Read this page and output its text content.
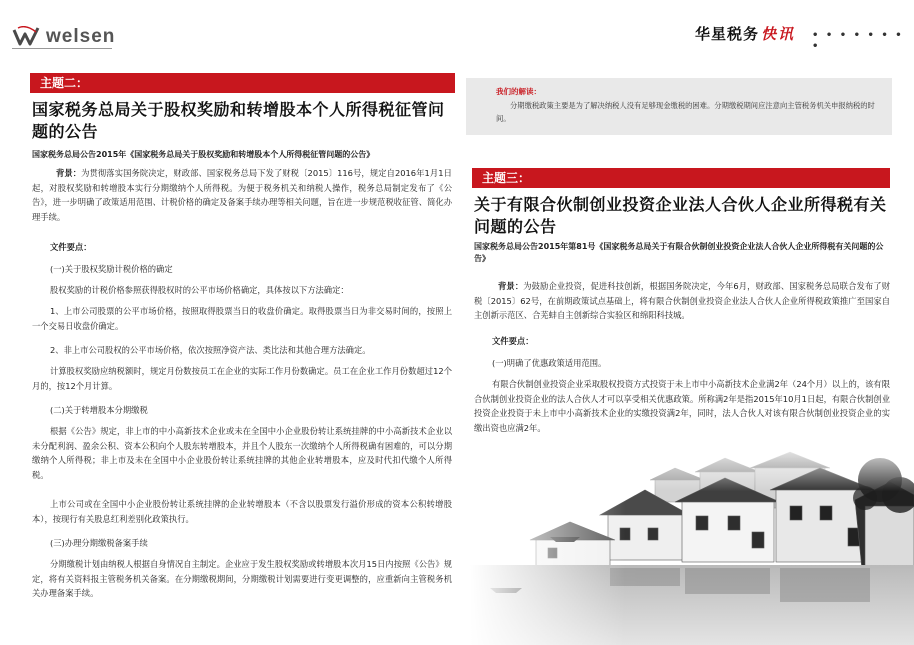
welsen	华星税务 快讯 • • • • • • • •
主题二：
国家税务总局关于股权奖励和转增股本个人所得税征管问题的公告
国家税务总局公告2015年《国家税务总局关于股权奖励和转增股本个人所得税征管问题的公告》
背景：为贯彻落实国务院决定，财政部、国家税务总局下发了财税〔2015〕116号，规定自2016年1月1日起，对股权奖励和转增股本实行分期缴纳个人所得税。为便于税务机关和纳税人操作，税务总局制定发布了《公告》，进一步明确了政策适用范围、计税价格的确定及备案手续办理等相关问题，旨在进一步规范税收征管、简化办理手续。
文件要点：
(一)关于股权奖励计税价格的确定
股权奖励的计税价格参照获得股权时的公平市场价格确定，具体按以下方法确定：
1、上市公司股票的公平市场价格，按照取得股票当日的收盘价确定。取得股票当日为非交易时间的，按照上一个交易日收盘价确定。
2、非上市公司股权的公平市场价格，依次按照净资产法、类比法和其他合理方法确定。
计算股权奖励应纳税额时，规定月份数按员工在企业的实际工作月份数确定。员工在企业工作月份数超过12个月的，按12个月计算。
(二)关于转增股本分期缴税
根据《公告》规定，非上市的中小高新技术企业或未在全国中小企业股份转让系统挂牌的中小高新技术企业以未分配利润、盈余公积、资本公积向个人股东转增股本，并且个人股东一次缴纳个人所得税确有困难的，可以分期缴纳个人所得税；非上市及未在全国中小企业股份转让系统挂牌的其他企业转增股本，应及时代扣代缴个人所得税。
上市公司或在全国中小企业股份转让系统挂牌的企业转增股本（不含以股票发行溢价形成的资本公积转增股本），按现行有关股息红利差别化政策执行。
(三)办理分期缴税备案手续
分期缴税计划由纳税人根据自身情况自主制定。企业应于发生股权奖励或转增股本次月15日内按照《公告》规定，将有关资料报主管税务机关备案。在分期缴税期间，分期缴税计划需要进行变更调整的，应重新向主管税务机关办理备案手续。
我们的解读：
分期缴税政策主要是为了解决纳税人没有足够现金缴税的困难。分期缴税期间应注意向主管税务机关申报纳税的时间。
主题三：
关于有限合伙制创业投资企业法人合伙人企业所得税有关问题的公告
国家税务总局公告2015年第81号《国家税务总局关于有限合伙制创业投资企业法人合伙人企业所得税有关问题的公告》
背景：为鼓励企业投资，促进科技创新，根据国务院决定，今年6月，财政部、国家税务总局联合发布了财税〔2015〕62号，在前期政策试点基础上，将有限合伙制创业投资企业法人合伙人企业所得税政策推广至国家自主创新示范区、合芜蚌自主创新综合实验区和绵阳科技城。
文件要点：
(一)明确了优惠政策适用范围。
有限合伙制创业投资企业采取股权投资方式投资于未上市中小高新技术企业满2年（24个月）以上的，该有限合伙制创业投资企业的法人合伙人才可以享受相关优惠政策。所称满2年是指2015年10月1日起，有限合伙制创业投资企业投资于未上市中小高新技术企业的实缴投资满2年，同时，法人合伙人对该有限合伙制创业投资企业的实缴出资也应满2年。
